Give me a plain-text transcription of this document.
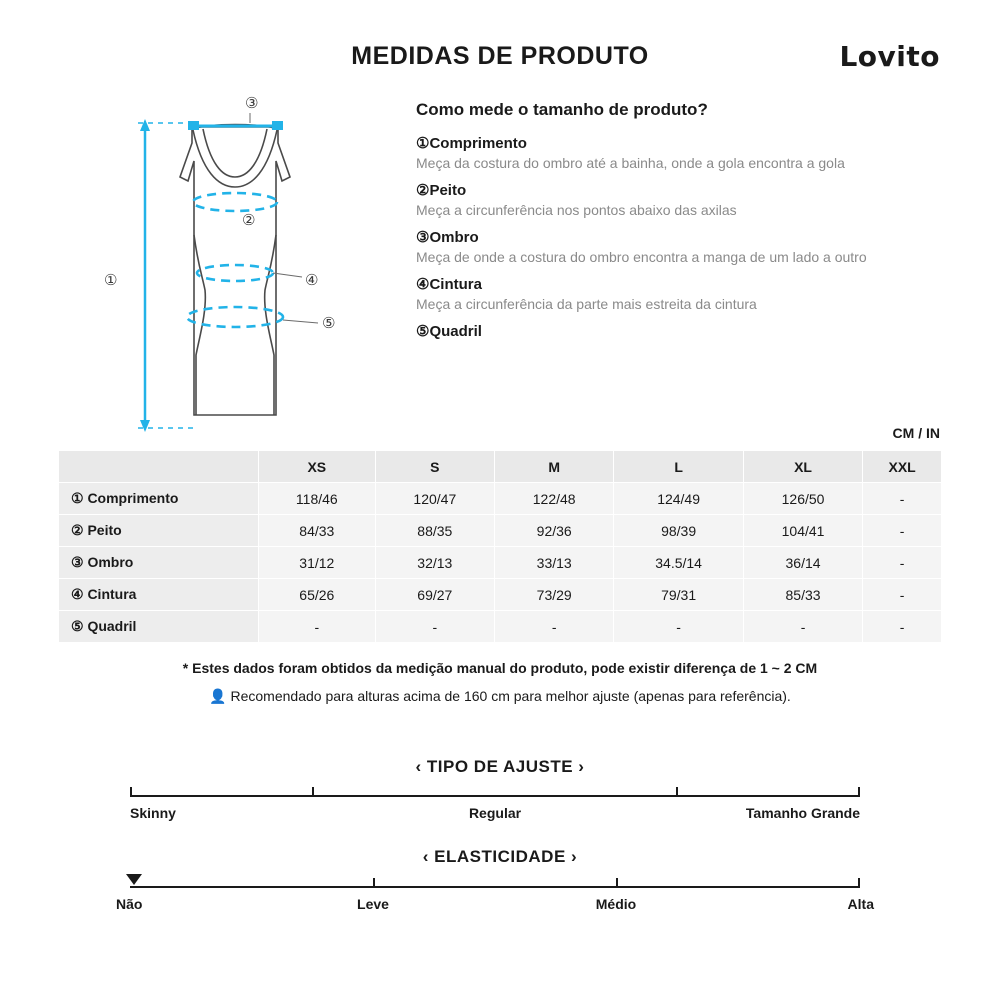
MEDIDAS DE PRODUTO	Lovito
①
②
③
④
⑤
Como mede o tamanho de produto?
①Comprimento
Meça da costura do ombro até a bainha, onde a gola encontra a gola
②Peito
Meça a circunferência nos pontos abaixo das axilas
③Ombro
Meça de onde a costura do ombro encontra a manga de um lado a outro
④Cintura
Meça a circunferência da parte mais estreita da cintura
⑤Quadril
CM / IN
	XS	S	M	L	XL	XXL
① Comprimento	118/46	120/47	122/48	124/49	126/50	-
② Peito	84/33	88/35	92/36	98/39	104/41	-
③ Ombro	31/12	32/13	33/13	34.5/14	36/14	-
④ Cintura	65/26	69/27	73/29	79/31	85/33	-
⑤ Quadril	-	-	-	-	-	-
* Estes dados foram obtidos da medição manual do produto, pode existir diferença de 1 ~ 2 CM
👤 Recomendado para alturas acima de 160 cm para melhor ajuste (apenas para referência).
‹ TIPO DE AJUSTE ›
Skinny	Regular	Tamanho Grande
‹ ELASTICIDADE ›
Não	Leve	Médio	Alta
